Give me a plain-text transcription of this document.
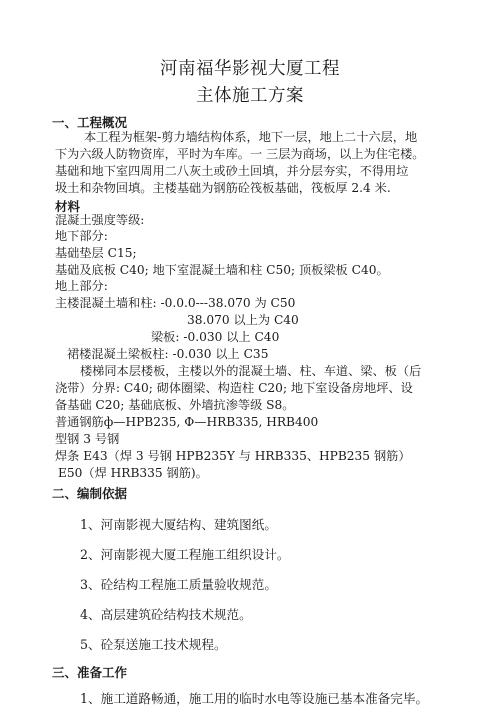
河南福华影视大厦工程
主体施工方案
一、工程概况
本工程为框架-剪力墙结构体系，地下一层，地上二十六层，地
下为六级人防物资库，平时为车库。一 三层为商场，以上为住宅楼。
基础和地下室四周用二八灰土或砂土回填，并分层夯实，不得用垃
圾土和杂物回填。主楼基础为钢筋砼筏板基础，筏板厚 2.4 米.
材料
混凝土强度等级:
地下部分:
基础垫层 C15;
基础及底板 C40; 地下室混凝土墙和柱 C50; 顶板梁板 C40。
地上部分:
主楼混凝土墙和柱: -0.0.0---38.070 为 C50
38.070 以上为 C40
梁板: -0.030 以上 C40
裙楼混凝土梁板柱: -0.030 以上 C35
楼梯同本层楼板，主楼以外的混凝土墙、柱、车道、梁、板（后
浇带）分界: C40; 砌体圈梁、构造柱 C20; 地下室设备房地坪、设
备基础 C20; 基础底板、外墙抗渗等级 S8。
普通钢筋ф—HPB235, Φ—HRB335, HRB400
型钢 3 号钢
焊条 E43（焊 3 号钢 HPB235Y 与 HRB335、HPB235 钢筋）
E50（焊 HRB335 钢筋)。
二、编制依据
1、河南影视大厦结构、建筑图纸。
2、河南影视大厦工程施工组织设计。
3、砼结构工程施工质量验收规范。
4、高层建筑砼结构技术规范。
5、砼泵送施工技术规程。
三、准备工作
1、施工道路畅通，施工用的临时水电等设施已基本准备完毕。
